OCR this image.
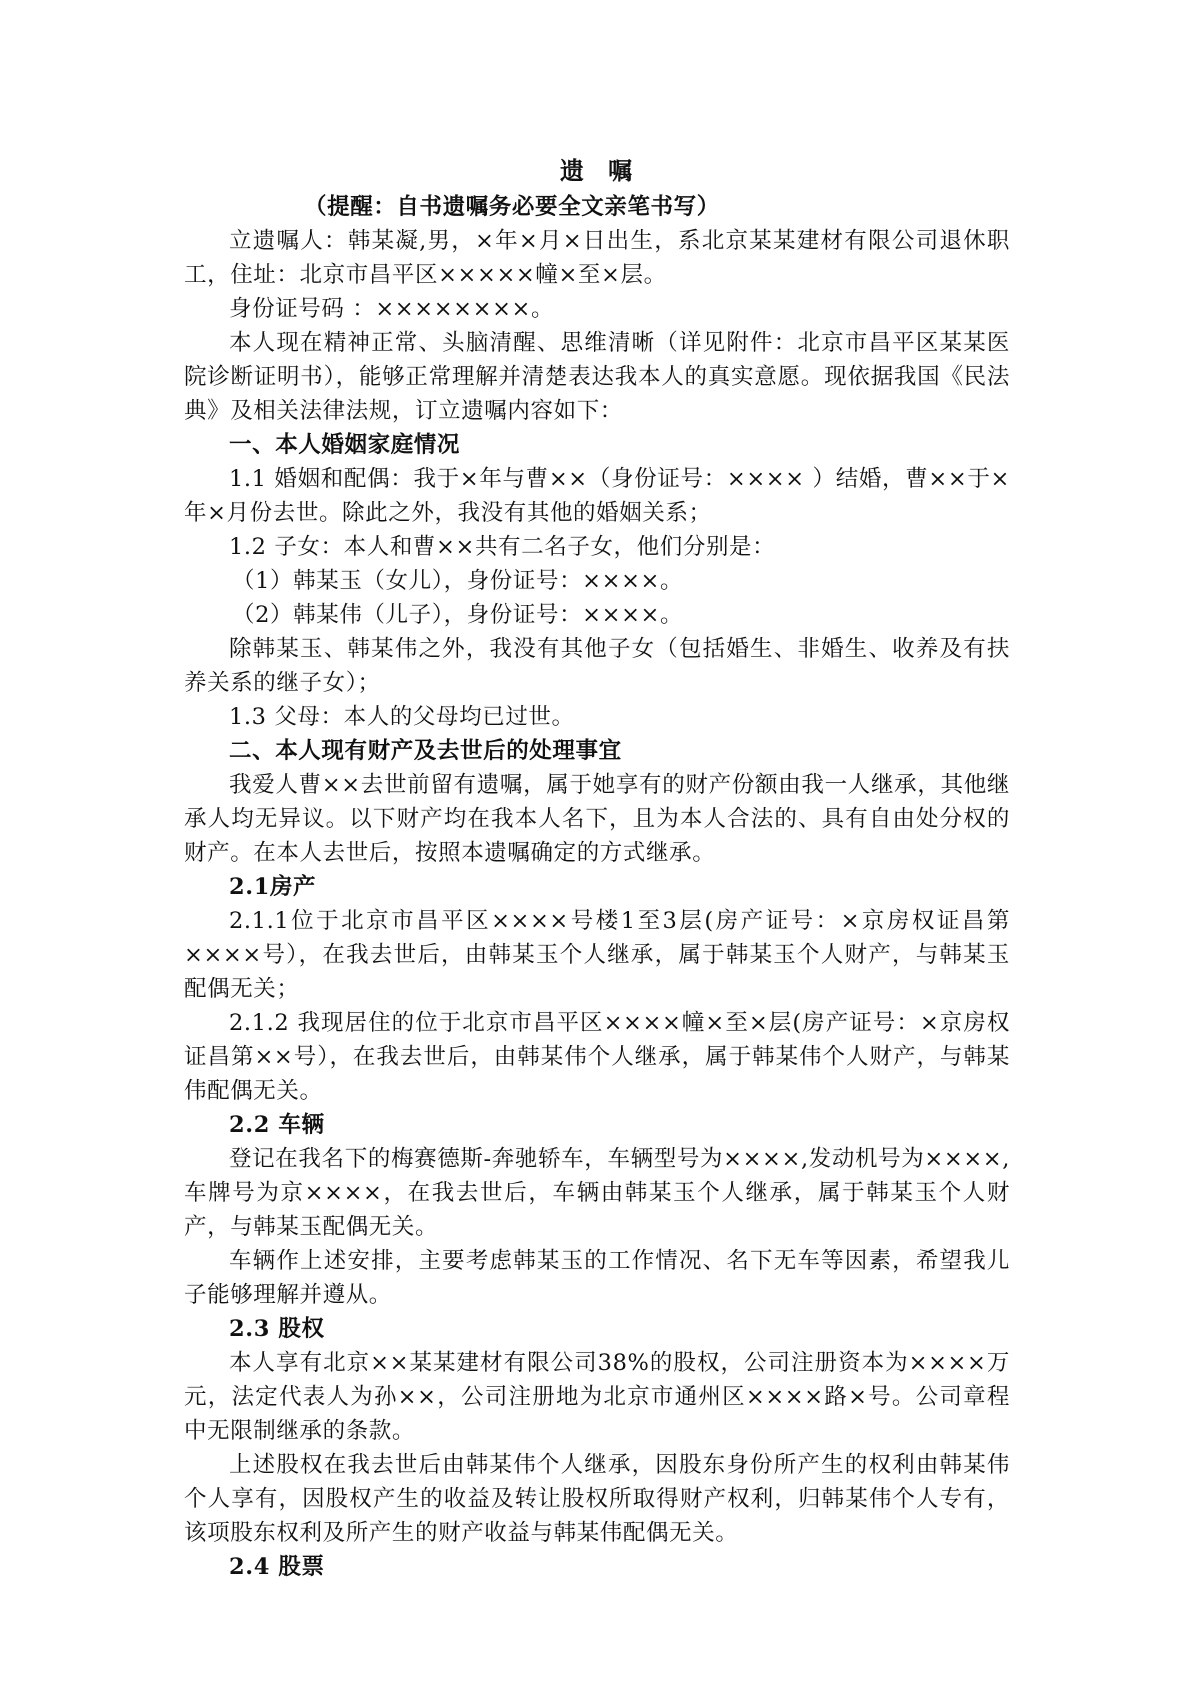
遗 嘱

（提醒：自书遗嘱务必要全文亲笔书写）

立遗嘱人：韩某凝,男，×年×月×日出生，系北京某某建材有限公司退休职工，住址：北京市昌平区×××××幢×至×层。

身份证号码 ：××××××××。

本人现在精神正常、头脑清醒、思维清晰（详见附件：北京市昌平区某某医院诊断证明书），能够正常理解并清楚表达我本人的真实意愿。现依据我国《民法典》及相关法律法规，订立遗嘱内容如下：

一、本人婚姻家庭情况

1.1 婚姻和配偶：我于×年与曹××（身份证号：×××× ）结婚，曹××于×年×月份去世。除此之外，我没有其他的婚姻关系；

1.2 子女：本人和曹××共有二名子女，他们分别是：

（1）韩某玉（女儿），身份证号：××××。

（2）韩某伟（儿子），身份证号：××××。

除韩某玉、韩某伟之外，我没有其他子女（包括婚生、非婚生、收养及有扶养关系的继子女）；

1.3 父母：本人的父母均已过世。

二、本人现有财产及去世后的处理事宜

我爱人曹××去世前留有遗嘱，属于她享有的财产份额由我一人继承，其他继承人均无异议。以下财产均在我本人名下，且为本人合法的、具有自由处分权的财产。在本人去世后，按照本遗嘱确定的方式继承。

2.1房产

2.1.1位于北京市昌平区××××号楼1至3层(房产证号：×京房权证昌第××××号），在我去世后，由韩某玉个人继承，属于韩某玉个人财产，与韩某玉配偶无关；

2.1.2 我现居住的位于北京市昌平区××××幢×至×层(房产证号：×京房权证昌第××号），在我去世后，由韩某伟个人继承，属于韩某伟个人财产，与韩某伟配偶无关。

2.2 车辆

登记在我名下的梅赛德斯-奔驰轿车，车辆型号为××××,发动机号为××××,车牌号为京××××，在我去世后，车辆由韩某玉个人继承，属于韩某玉个人财产，与韩某玉配偶无关。

车辆作上述安排，主要考虑韩某玉的工作情况、名下无车等因素，希望我儿子能够理解并遵从。

2.3 股权

本人享有北京××某某建材有限公司38%的股权，公司注册资本为××××万元，法定代表人为孙××，公司注册地为北京市通州区××××路×号。公司章程中无限制继承的条款。

上述股权在我去世后由韩某伟个人继承，因股东身份所产生的权利由韩某伟个人享有，因股权产生的收益及转让股权所取得财产权利，归韩某伟个人专有，该项股东权利及所产生的财产收益与韩某伟配偶无关。

2.4 股票
